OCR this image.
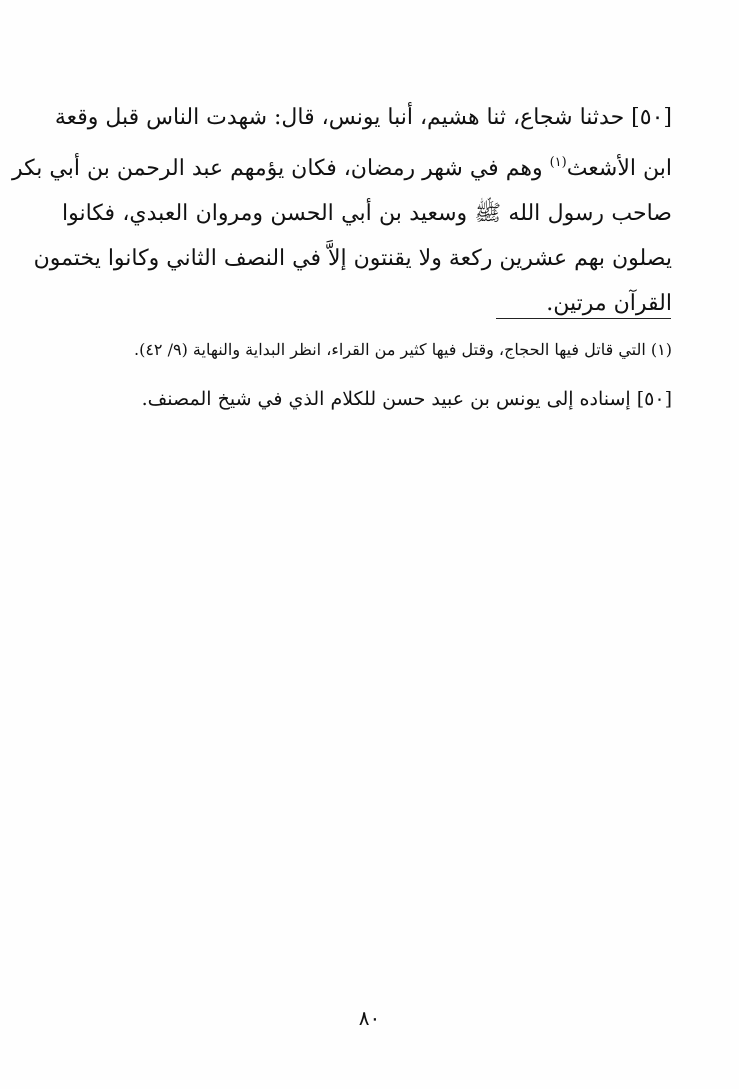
[٥٠] حدثنا شجاع، ثنا هشيم، أنبا يونس، قال: شهدت الناس قبل وقعة
ابن الأشعث$^{(١)}$ وهم في شهر رمضان، فكان يؤمهم عبد الرحمن بن أبي بكر
صاحب رسول الله ﷺ وسعيد بن أبي الحسن ومروان العبدي، فكانوا
يصلون بهم عشرين ركعة ولا يقنتون إلاَّ في النصف الثاني وكانوا يختمون
القرآن مرتين.
(١) التي قاتل فيها الحجاج، وقتل فيها كثير من القراء، انظر البداية والنهاية (٩/ ٤٢).
[٥٠] إسناده إلى يونس بن عبيد حسن للكلام الذي في شيخ المصنف.
٨٠
